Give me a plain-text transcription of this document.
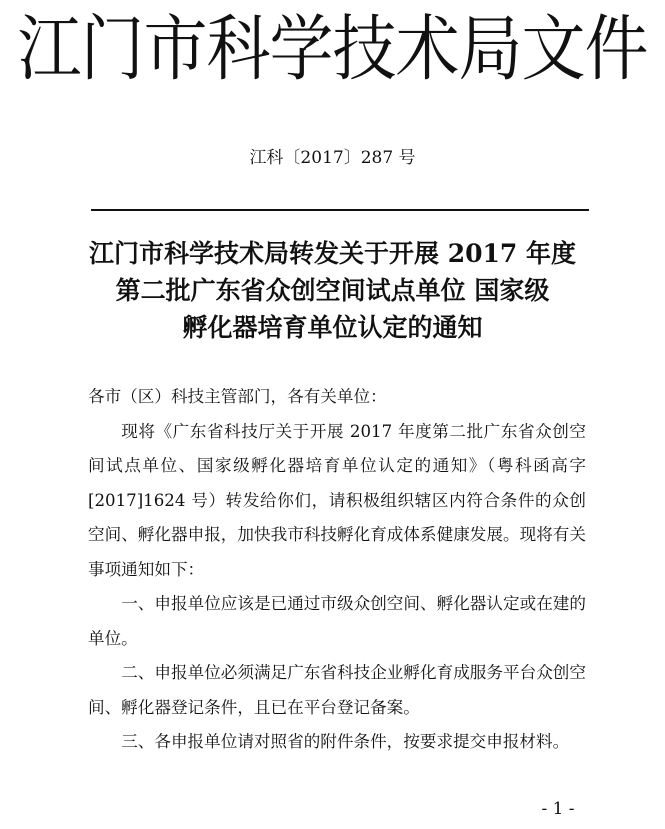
江门市科学技术局文件
江科〔2017〕287 号
江门市科学技术局转发关于开展 2017 年度
第二批广东省众创空间试点单位 国家级
孵化器培育单位认定的通知

各市（区）科技主管部门，各有关单位：

现将《广东省科技厅关于开展 2017 年度第二批广东省众创空间试点单位、国家级孵化器培育单位认定的通知》（粤科函高字[2017]1624 号）转发给你们，请积极组织辖区内符合条件的众创空间、孵化器申报，加快我市科技孵化育成体系健康发展。现将有关事项通知如下：

一、申报单位应该是已通过市级众创空间、孵化器认定或在建的单位。

二、申报单位必须满足广东省科技企业孵化育成服务平台众创空间、孵化器登记条件，且已在平台登记备案。

三、各申报单位请对照省的附件条件，按要求提交申报材料。

- 1 -
